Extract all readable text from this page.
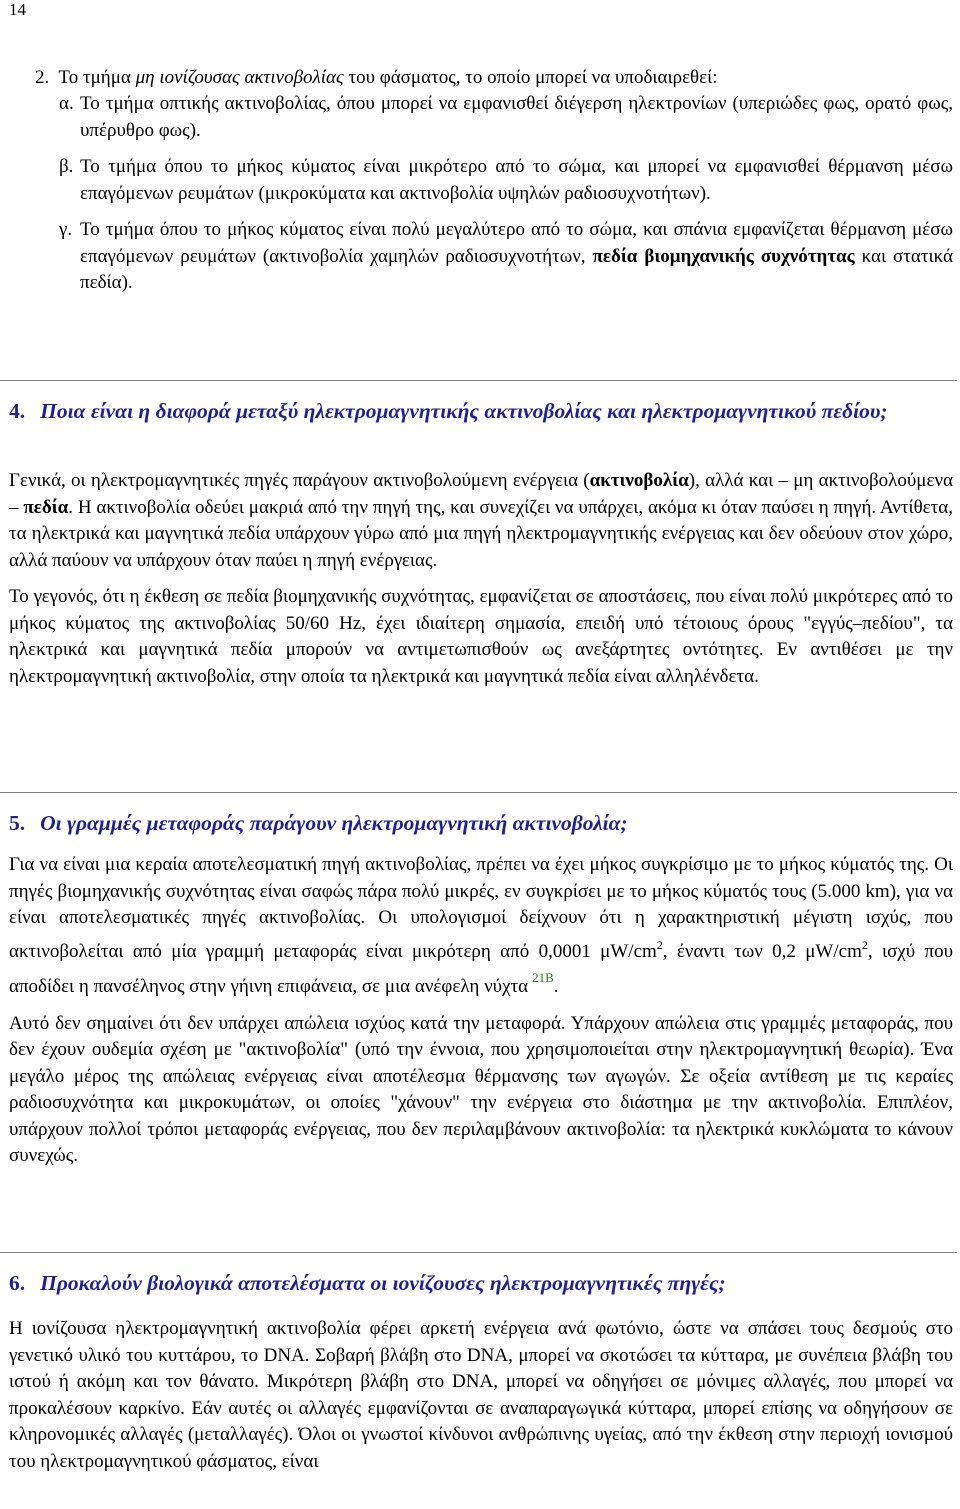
14

2. Το τμήμα μη ιονίζουσας ακτινοβολίας του φάσματος, το οποίο μπορεί να υποδιαιρεθεί:

α. Το τμήμα οπτικής ακτινοβολίας, όπου μπορεί να εμφανισθεί διέγερση ηλεκτρονίων (υπεριώδες φως, ορατό φως, υπέρυθρο φως).

β. Το τμήμα όπου το μήκος κύματος είναι μικρότερο από το σώμα, και μπορεί να εμφανισθεί θέρμανση μέσω επαγόμενων ρευμάτων (μικροκύματα και ακτινοβολία υψηλών ραδιοσυχνοτήτων).

γ. Το τμήμα όπου το μήκος κύματος είναι πολύ μεγαλύτερο από το σώμα, και σπάνια εμφανίζεται θέρμανση μέσω επαγόμενων ρευμάτων (ακτινοβολία χαμηλών ραδιοσυχνοτήτων, πεδία βιομηχανικής συχνότητας και στατικά πεδία).

4. Ποια είναι η διαφορά μεταξύ ηλεκτρομαγνητικής ακτινοβολίας και ηλεκτρομαγνητικού πεδίου;

Γενικά, οι ηλεκτρομαγνητικές πηγές παράγουν ακτινοβολούμενη ενέργεια (ακτινοβολία), αλλά και – μη ακτινοβολούμενα – πεδία. Η ακτινοβολία οδεύει μακριά από την πηγή της, και συνεχίζει να υπάρχει, ακόμα κι όταν παύσει η πηγή. Αντίθετα, τα ηλεκτρικά και μαγνητικά πεδία υπάρχουν γύρω από μια πηγή ηλεκτρομαγνητικής ενέργειας και δεν οδεύουν στον χώρο, αλλά παύουν να υπάρχουν όταν παύει η πηγή ενέργειας.

Το γεγονός, ότι η έκθεση σε πεδία βιομηχανικής συχνότητας, εμφανίζεται σε αποστάσεις, που είναι πολύ μικρότερες από το μήκος κύματος της ακτινοβολίας 50/60 Hz, έχει ιδιαίτερη σημασία, επειδή υπό τέτοιους όρους "εγγύς–πεδίου", τα ηλεκτρικά και μαγνητικά πεδία μπορούν να αντιμετωπισθούν ως ανεξάρτητες οντότητες. Εν αντιθέσει με την ηλεκτρομαγνητική ακτινοβολία, στην οποία τα ηλεκτρικά και μαγνητικά πεδία είναι αλληλένδετα.

5. Οι γραμμές μεταφοράς παράγουν ηλεκτρομαγνητική ακτινοβολία;

Για να είναι μια κεραία αποτελεσματική πηγή ακτινοβολίας, πρέπει να έχει μήκος συγκρίσιμο με το μήκος κύματός της. Οι πηγές βιομηχανικής συχνότητας είναι σαφώς πάρα πολύ μικρές, εν συγκρίσει με το μήκος κύματός τους (5.000 km), για να είναι αποτελεσματικές πηγές ακτινοβολίας. Οι υπολογισμοί δείχνουν ότι η χαρακτηριστική μέγιστη ισχύς, που ακτινοβολείται από μία γραμμή μεταφοράς είναι μικρότερη από 0,0001 $\mu W/cm^2$, έναντι των 0,2 $\mu W/cm^2$, ισχύ που αποδίδει η πανσέληνος στην γήινη επιφάνεια, σε μια ανέφελη νύχτα $^{21B}$.

Αυτό δεν σημαίνει ότι δεν υπάρχει απώλεια ισχύος κατά την μεταφορά. Υπάρχουν απώλεια στις γραμμές μεταφοράς, που δεν έχουν ουδεμία σχέση με "ακτινοβολία" (υπό την έννοια, που χρησιμοποιείται στην ηλεκτρομαγνητική θεωρία). Ένα μεγάλο μέρος της απώλειας ενέργειας είναι αποτέλεσμα θέρμανσης των αγωγών. Σε οξεία αντίθεση με τις κεραίες ραδιοσυχνότητα και μικροκυμάτων, οι οποίες "χάνουν" την ενέργεια στο διάστημα με την ακτινοβολία. Επιπλέον, υπάρχουν πολλοί τρόποι μεταφοράς ενέργειας, που δεν περιλαμβάνουν ακτινοβολία: τα ηλεκτρικά κυκλώματα το κάνουν συνεχώς.

6. Προκαλούν βιολογικά αποτελέσματα οι ιονίζουσες ηλεκτρομαγνητικές πηγές;

Η ιονίζουσα ηλεκτρομαγνητική ακτινοβολία φέρει αρκετή ενέργεια ανά φωτόνιο, ώστε να σπάσει τους δεσμούς στο γενετικό υλικό του κυττάρου, το DNA. Σοβαρή βλάβη στο DNA, μπορεί να σκοτώσει τα κύτταρα, με συνέπεια βλάβη του ιστού ή ακόμη και τον θάνατο. Μικρότερη βλάβη στο DNA, μπορεί να οδηγήσει σε μόνιμες αλλαγές, που μπορεί να προκαλέσουν καρκίνο. Εάν αυτές οι αλλαγές εμφανίζονται σε αναπαραγωγικά κύτταρα, μπορεί επίσης να οδηγήσουν σε κληρονομικές αλλαγές (μεταλλαγές). Όλοι οι γνωστοί κίνδυνοι ανθρώπινης υγείας, από την έκθεση στην περιοχή ιονισμού του ηλεκτρομαγνητικού φάσματος, είναι
